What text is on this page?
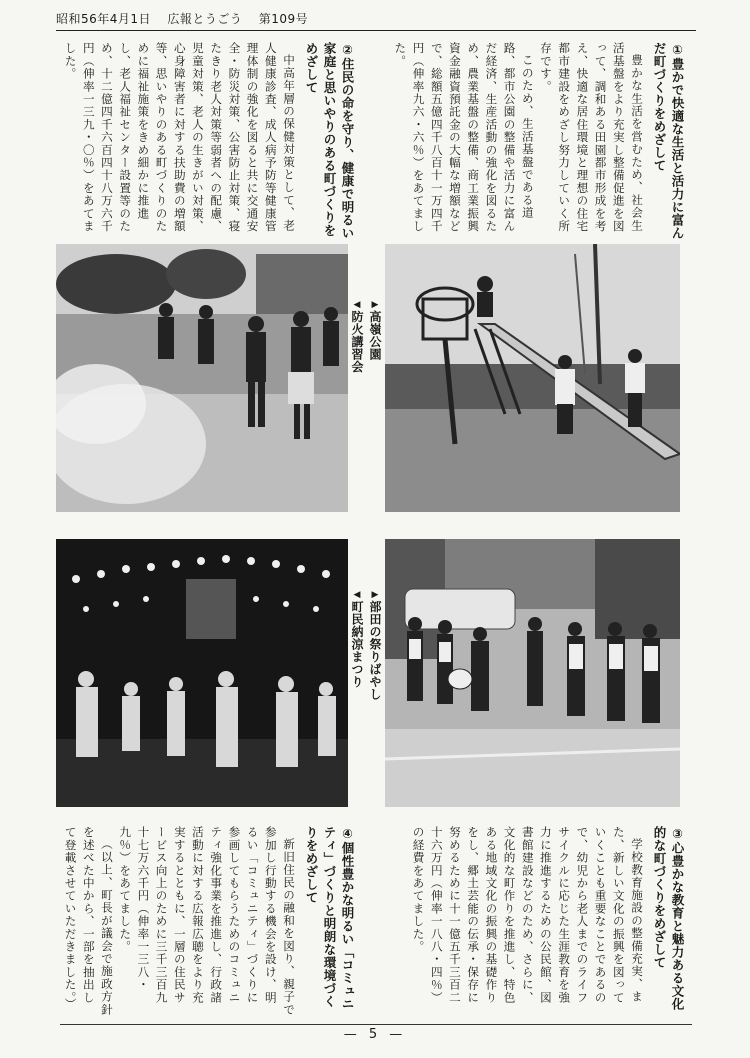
昭和56年4月1日 広報とうごう 第109号
①豊かで快適な生活と活力に富んだ町づくりをめざして

豊かな生活を営むため、社会生活基盤をより充実し整備促進を図って、調和ある田園都市形成を考え、快適な居住環境と理想の住宅都市建設をめざし努力していく所存です。

このため、生活基盤である道路、都市公園の整備や活力に富んだ経済、生産活動の強化を図るため、農業基盤の整備、商工業振興資金融資預託金の大幅な増額などで、総額五億四千八百十一万四千円（伸率九六・六％）をあてました。

②住民の命を守り、健康で明るい家庭と思いやりのある町づくりをめざして

中高年層の保健対策として、老人健康診査、成人病予防等健康管理体制の強化を図ると共に交通安全・防災対策、公害防止対策、寝たきり老人対策等弱者への配慮、児童対策、老人の生きがい対策、心身障害者に対する扶助費の増額等、思いやりのある町づくりのために福祉施策をきめ細かに推進し、老人福祉センター設置等のため、十二億四千六百四十八万六千円（伸率一三九・〇％）をあてました。

▶高嶺公園
◀防火講習会
▶部田の祭りばやし
◀町民納涼まつり
③心豊かな教育と魅力ある文化的な町づくりをめざして

学校教育施設の整備充実、また、新しい文化の振興を図っていくことも重要なことであるので、幼児から老人までのライフサイクルに応じた生涯教育を強力に推進するための公民館、図書館建設などのため、さらに、文化的な町作りを推進し、特色ある地域文化の振興の基礎作りをし、郷土芸能の伝承・保存に努めるために十一億五千三百二十六万円（伸率一八八・四％）の経費をあてました。

④個性豊かな明るい「コミュニティ」づくりと明朗な環境づくりをめざして

新旧住民の融和を図り、親子で参加し行動する機会を設け、明るい「コミュニティ」づくりに参画してもらうためのコミュニティ強化事業を推進し、行政諸活動に対する広報広聴をより充実するとともに、一層の住民サービス向上のために三千三百九十七万六千円（伸率一三八・九％）をあてました。

（以上、町長が議会で施政方針を述べた中から、一部を抽出して登載させていただきました。）

— 5 —
